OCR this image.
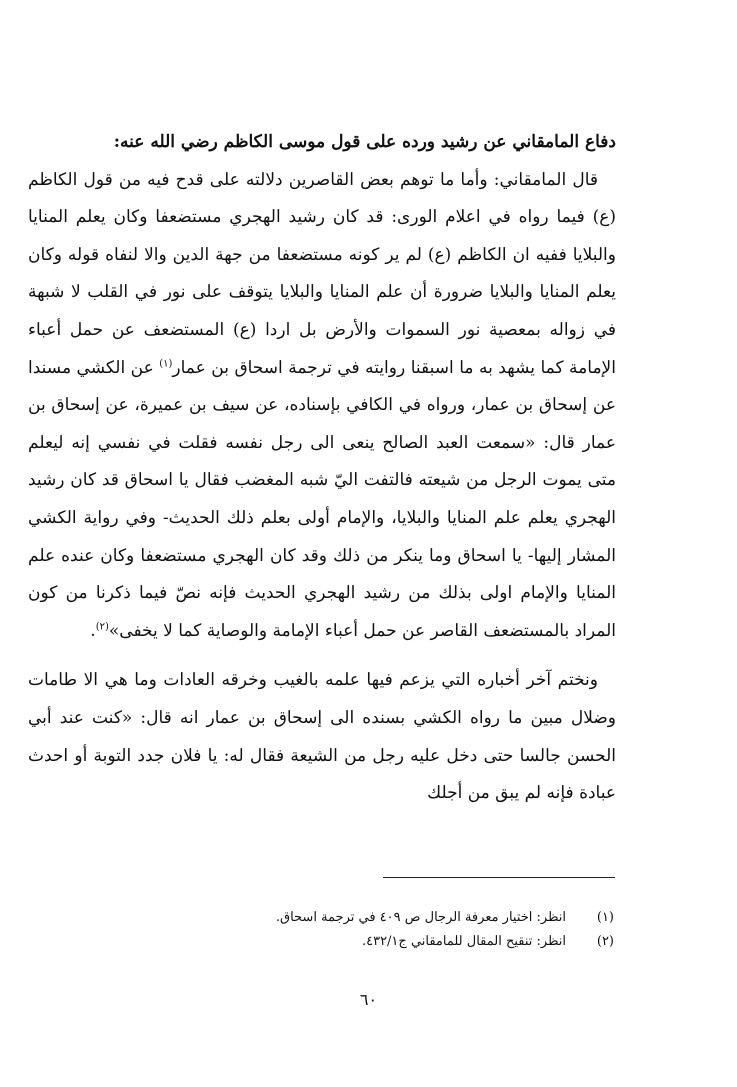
دفاع المامقاني عن رشيد ورده على قول موسى الكاظم رضي الله عنه:

قال المامقاني: وأما ما توهم بعض القاصرين دلالته على قدح فيه من قول الكاظم (ع) فيما رواه في اعلام الورى: قد كان رشيد الهجري مستضعفا وكان يعلم المنايا والبلايا ففيه ان الكاظم (ع) لم ير كونه مستضعفا من جهة الدين والا لنفاه قوله وكان يعلم المنايا والبلايا ضرورة أن علم المنايا والبلايا يتوقف على نور في القلب لا شبهة في زواله بمعصية نور السموات والأرض بل اردا (ع) المستضعف عن حمل أعباء الإمامة كما يشهد به ما اسبقنا روايته في ترجمة اسحاق بن عمار$^{(١)}$ عن الكشي مسندا عن إسحاق بن عمار، ورواه في الكافي بإسناده، عن سيف بن عميرة، عن إسحاق بن عمار قال: «سمعت العبد الصالح ينعى الى رجل نفسه فقلت في نفسي إنه ليعلم متى يموت الرجل من شيعته فالتفت اليّ شبه المغضب فقال يا اسحاق قد كان رشيد الهجري يعلم علم المنايا والبلايا، والإمام أولى بعلم ذلك الحديث- وفي رواية الكشي المشار إليها- يا اسحاق وما ينكر من ذلك وقد كان الهجري مستضعفا وكان عنده علم المنايا والإمام اولى بذلك من رشيد الهجري الحديث فإنه نصّ فيما ذكرنا من كون المراد بالمستضعف القاصر عن حمل أعباء الإمامة والوصاية كما لا يخفى»$^{(٢)}$.

ونختم آخر أخباره التي يزعم فيها علمه بالغيب وخرقه العادات وما هي الا طامات وضلال مبين ما رواه الكشي بسنده الى إسحاق بن عمار انه قال: «كنت عند أبي الحسن جالسا حتى دخل عليه رجل من الشيعة فقال له: يا فلان جدد التوبة أو احدث عبادة فإنه لم يبق من أجلك

(١)
انظر: اختيار معرفة الرجال ص ٤٠٩ في ترجمة اسحاق.
(٢)
انظر: تنقيح المقال للمامقاني ج٤٣٢/١.
٦٠
